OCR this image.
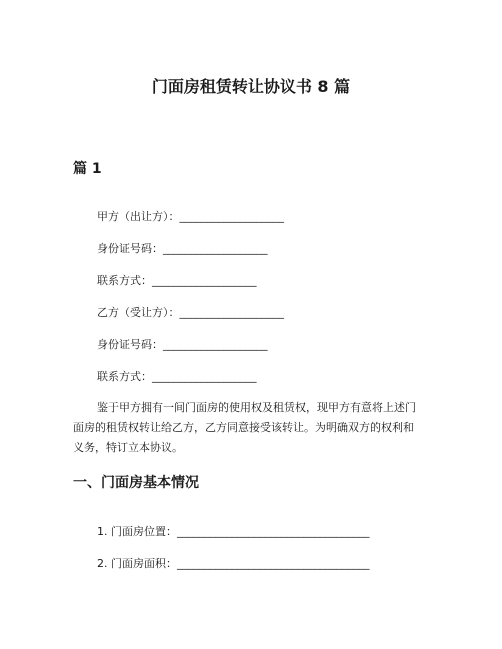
门面房租赁转让协议书 8 篇
篇 1
甲方（出让方）：___________________
身份证号码：___________________
联系方式：___________________
乙方（受让方）：___________________
身份证号码：___________________
联系方式：___________________
鉴于甲方拥有一间门面房的使用权及租赁权，现甲方有意将上述门面房的租赁权转让给乙方，乙方同意接受该转让。为明确双方的权利和义务，特订立本协议。
一、门面房基本情况
1. 门面房位置：___________________________________
2. 门面房面积：___________________________________
